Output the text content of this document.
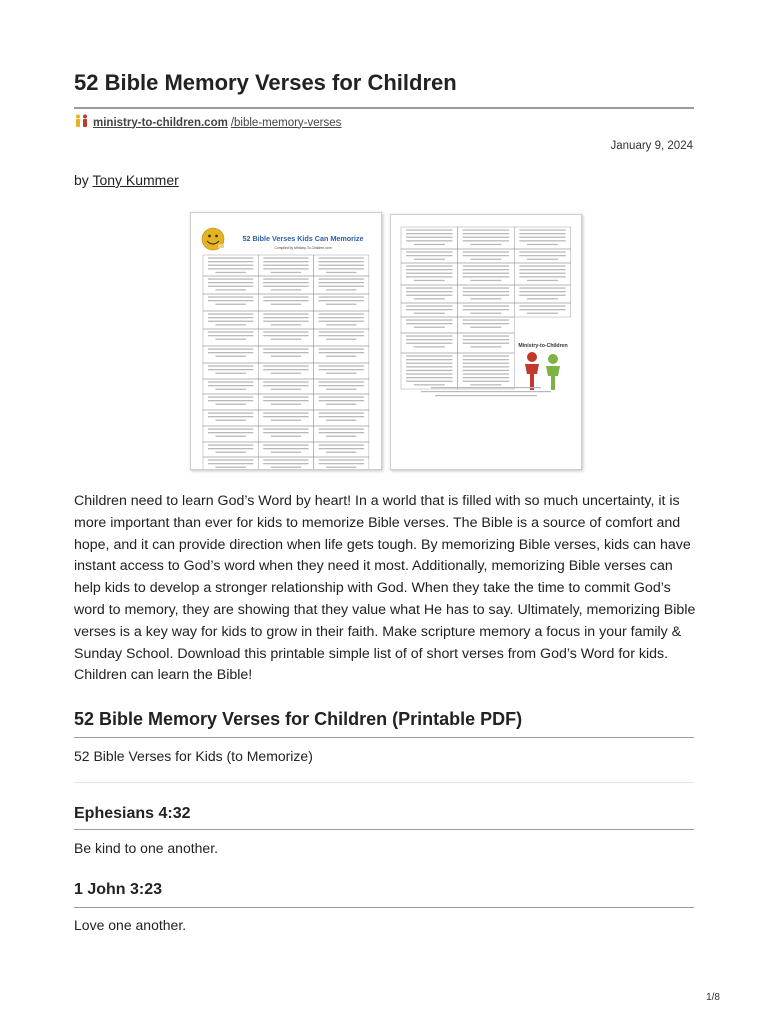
52 Bible Memory Verses for Children
ministry-to-children.com /bible-memory-verses
January 9, 2024
by Tony Kummer
52 Bible Verses Kids Can Memorize
Compiled by Ministry-To-Children.com
Ministry-to-Children
Children need to learn God’s Word by heart! In a world that is filled with so much uncertainty, it is more important than ever for kids to memorize Bible verses. The Bible is a source of comfort and hope, and it can provide direction when life gets tough. By memorizing Bible verses, kids can have instant access to God’s word when they need it most. Additionally, memorizing Bible verses can help kids to develop a stronger relationship with God. When they take the time to commit God’s word to memory, they are showing that they value what He has to say. Ultimately, memorizing Bible verses is a key way for kids to grow in their faith. Make scripture memory a focus in your family & Sunday School. Download this printable simple list of of short verses from God’s Word for kids. Children can learn the Bible!
52 Bible Memory Verses for Children (Printable PDF)
52 Bible Verses for Kids (to Memorize)
Ephesians 4:32
Be kind to one another.
1 John 3:23
Love one another.
1/8
